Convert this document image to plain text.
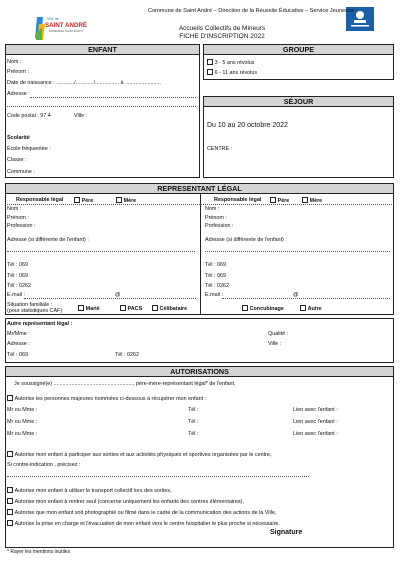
Ville de
SAINT ANDRÉ
ENSEMBLE MAINTENANT
Commune de Saint André – Direction de la Réussite Éducative – Service Jeunesse
Accueils Collectifs de Mineurs
FICHE D'INSCRIPTION 2022
ENFANT
Nom :
Prénom :
Date de naissance : ............/............/................ à ........................
Adresse :
Code postal : 97 4	Ville :
Scolarité
École fréquentée :
Classe :
Commune :
GROUPE
3 - 5 ans révolus
6 - 11 ans révolus
SÉJOUR
Du 10 au 20 octobre 2022
CENTRE :
REPRESENTANT LÉGAL
Responsable légal	Père	Mère
Nom :
Prénom :
Profession :
Adresse (si différente de l'enfant) :
Tél : 069
Tél : 069
Tél : 0262
E.mail :	@
Responsable légal	Père	Mère
Nom :
Prénom :
Profession :
Adresse (si différente de l'enfant) :
Tél : 069
Tél : 069
Tél : 0262
E.mail :	@
Situation familiale :
(pour statistiques CAF)	Marié	PACS	Célibataire	Concubinage	Autre
Autre représentant légal :
Mr/Mme :	Qualité :
Adresse :	Ville :
Tél : 069	Tél : 0262
AUTORISATIONS
Je soussigné(e) ....................................................., père-mère-représentant légal* de l'enfant,
Autorise les personnes majeures nommées ci-dessous à récupérer mon enfant :
Mr ou Mme :	Tél :	Lien avec l'enfant :
Mr ou Mme :	Tél :	Lien avec l'enfant :
Mr ou Mme :	Tél :	Lien avec l'enfant :
Autorise mon enfant à participer aux sorties et aux activités physiques et sportives organisées par le centre,
Si contre-indication , précisez :
Autorise mon enfant à utiliser le transport collectif lors des sorties,
Autorise mon enfant à rentrer seul (concerne uniquement les enfants des centres élémentaires),
Autorise que mon enfant soit photographié ou filmé dans le cadre de la communication des actions de la Ville,
Autorise la prise en charge et l'évacuation de mon enfant vers le centre hospitalier le plus proche si nécessaire.
Signature
* Rayer les mentions inutiles
